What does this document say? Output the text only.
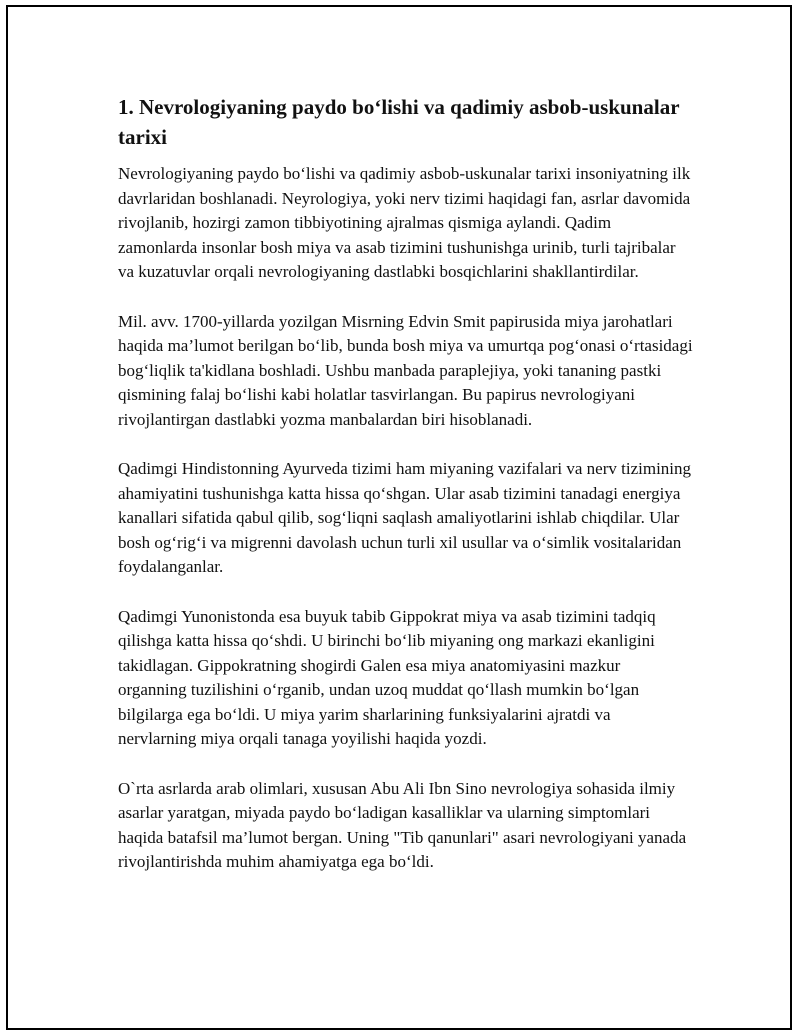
1. Nevrologiyaning paydo bo‘lishi va qadimiy asbob-uskunalar tarixi

Nevrologiyaning paydo bo‘lishi va qadimiy asbob-uskunalar tarixi insoniyatning ilk davrlaridan boshlanadi. Neyrologiya, yoki nerv tizimi haqidagi fan, asrlar davomida rivojlanib, hozirgi zamon tibbiyotining ajralmas qismiga aylandi. Qadim zamonlarda insonlar bosh miya va asab tizimini tushunishga urinib, turli tajribalar va kuzatuvlar orqali nevrologiyaning dastlabki bosqichlarini shakllantirdilar.

Mil. avv. 1700-yillarda yozilgan Misrning Edvin Smit papirusida miya jarohatlari haqida ma’lumot berilgan bo‘lib, bunda bosh miya va umurtqa pog‘onasi o‘rtasidagi bog‘liqlik ta'kidlana boshladi. Ushbu manbada paraplejiya, yoki tananing pastki qismining falaj bo‘lishi kabi holatlar tasvirlangan. Bu papirus nevrologiyani rivojlantirgan dastlabki yozma manbalardan biri hisoblanadi.

Qadimgi Hindistonning Ayurveda tizimi ham miyaning vazifalari va nerv tizimining ahamiyatini tushunishga katta hissa qo‘shgan. Ular asab tizimini tanadagi energiya kanallari sifatida qabul qilib, sog‘liqni saqlash amaliyotlarini ishlab chiqdilar. Ular bosh og‘rig‘i va migrenni davolash uchun turli xil usullar va o‘simlik vositalaridan foydalanganlar.

Qadimgi Yunonistonda esa buyuk tabib Gippokrat miya va asab tizimini tadqiq qilishga katta hissa qo‘shdi. U birinchi bo‘lib miyaning ong markazi ekanligini takidlagan. Gippokratning shogirdi Galen esa miya anatomiyasini mazkur organning tuzilishini o‘rganib, undan uzoq muddat qo‘llash mumkin bo‘lgan bilgilarga ega bo‘ldi. U miya yarim sharlarining funksiyalarini ajratdi va nervlarning miya orqali tanaga yoyilishi haqida yozdi.

O`rta asrlarda arab olimlari, xususan Abu Ali Ibn Sino nevrologiya sohasida ilmiy asarlar yaratgan, miyada paydo bo‘ladigan kasalliklar va ularning simptomlari haqida batafsil ma’lumot bergan. Uning "Tib qanunlari" asari nevrologiyani yanada rivojlantirishda muhim ahamiyatga ega bo‘ldi.
